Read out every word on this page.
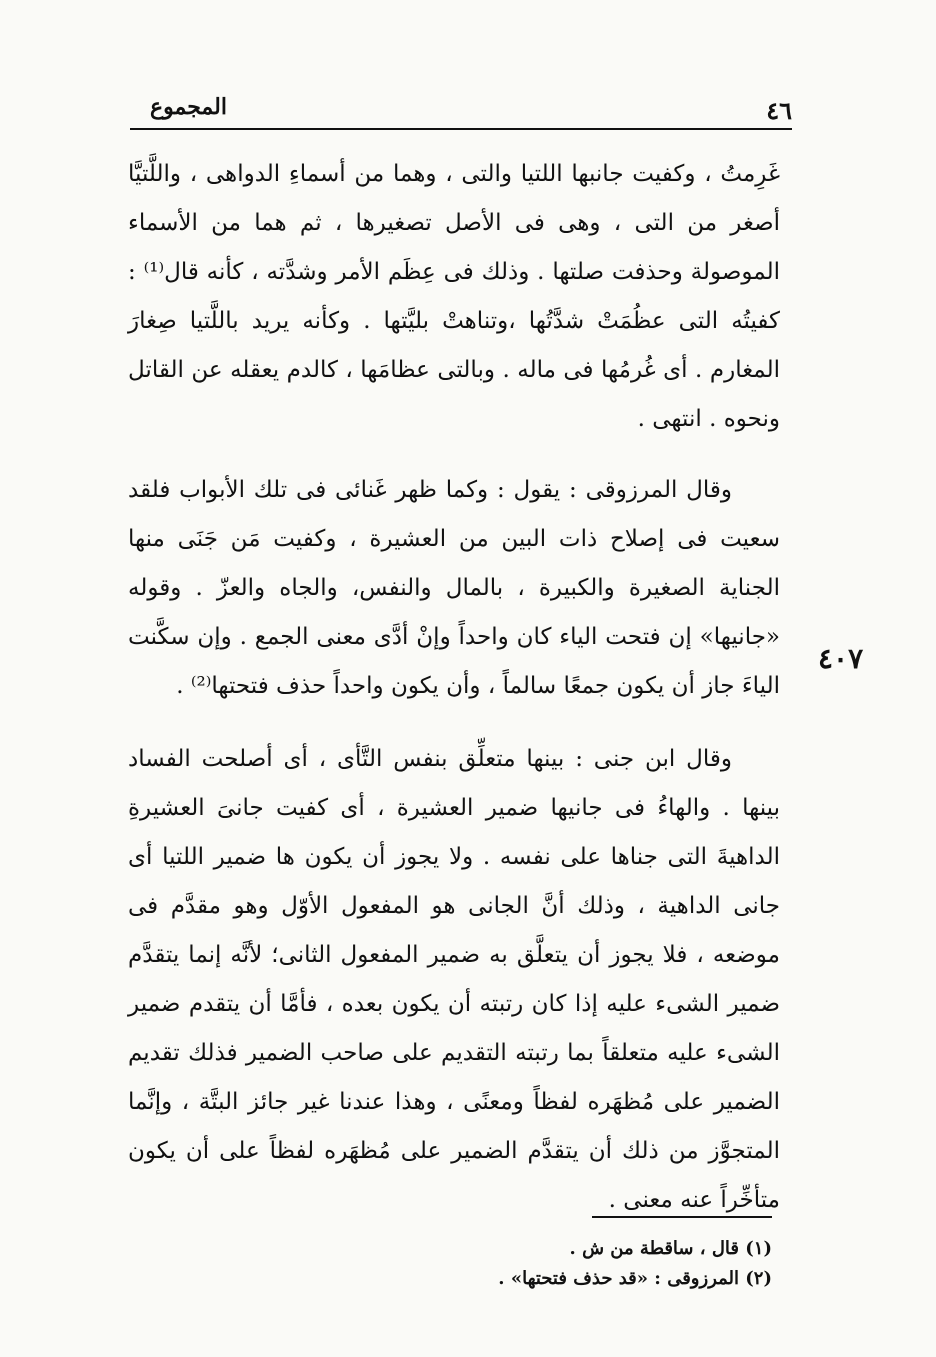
٤٦
المجموع

غَرِمتُ ، وكفيت جانبها اللتيا والتى ، وهما من أسماءِ الدواهى ، واللَّتيَّا أصغر من التى ، وهى فى الأصل تصغيرها ، ثم هما من الأسماء الموصولة وحذفت صلتها . وذلك فى عِظَم الأمر وشدَّته ، كأنه قال⁽¹⁾ : كفيتُه التى عظُمَتْ شدَّتُها ،وتناهتْ بليَّتها . وكأنه يريد باللَّتيا صِغارَ المغارم . أى غُرمُها فى ماله . وبالتى عظامَها ، كالدم يعقله عن القاتل ونحوه . انتهى .

وقال المرزوقى : يقول : وكما ظهر غَنائى فى تلك الأبواب فلقد سعيت فى إصلاح ذات البين من العشيرة ، وكفيت مَن جَنَى منها الجناية الصغيرة والكبيرة ، بالمال والنفس، والجاه والعزّ . وقوله «جانيها» إن فتحت الياء كان واحداً وإنْ أدَّى معنى الجمع . وإن سكَّنت الياءَ جاز أن يكون جمعًا سالماً ، وأن يكون واحداً حذف فتحتها⁽²⁾ .

وقال ابن جنى : بينها متعلِّق بنفس التَّأى ، أى أصلحت الفساد بينها . والهاءُ فى جانيها ضمير العشيرة ، أى كفيت جانىَ العشيرةِ الداهيةَ التى جناها على نفسه . ولا يجوز أن يكون ها ضمير اللتيا أى جانى الداهية ، وذلك أنَّ الجانى هو المفعول الأوّل وهو مقدَّم فى موضعه ، فلا يجوز أن يتعلَّق به ضمير المفعول الثانى؛ لأنَّه إنما يتقدَّم ضمير الشىء عليه إذا كان رتبته أن يكون بعده ، فأمَّا أن يتقدم ضمير الشىء عليه متعلقاً بما رتبته التقديم على صاحب الضمير فذلك تقديم الضمير على مُظهَره لفظاً ومعنًى ، وهذا عندنا غير جائز البتَّة ، وإنَّما المتجوَّز من ذلك أن يتقدَّم الضمير على مُظهَره لفظاً على أن يكون متأخِّراً عنه معنى .

٤٠٧

(١) قال ، ساقطة من ش .

(٢) المرزوقى : «قد حذف فتحتها» .
